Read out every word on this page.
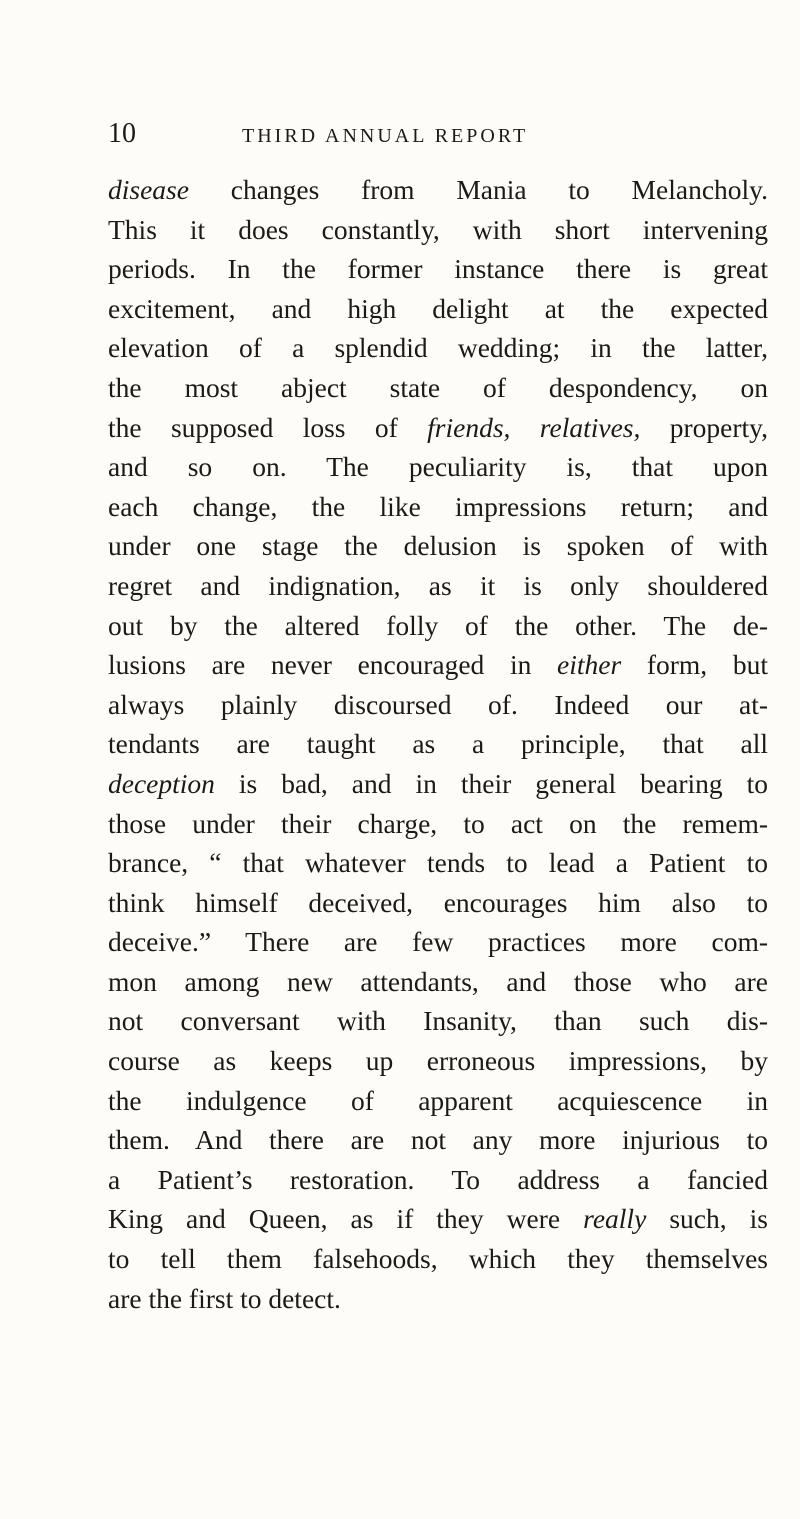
10	THIRD ANNUAL REPORT
disease changes from Mania to Melancholy.
This it does constantly, with short intervening
periods. In the former instance there is great
excitement, and high delight at the expected
elevation of a splendid wedding; in the latter,
the most abject state of despondency, on
the supposed loss of friends, relatives, property,
and so on. The peculiarity is, that upon
each change, the like impressions return; and
under one stage the delusion is spoken of with
regret and indignation, as it is only shouldered
out by the altered folly of the other. The de-
lusions are never encouraged in either form, but
always plainly discoursed of. Indeed our at-
tendants are taught as a principle, that all
deception is bad, and in their general bearing to
those under their charge, to act on the remem-
brance, “ that whatever tends to lead a Patient to
think himself deceived, encourages him also to
deceive.” There are few practices more com-
mon among new attendants, and those who are
not conversant with Insanity, than such dis-
course as keeps up erroneous impressions, by
the indulgence of apparent acquiescence in
them. And there are not any more injurious to
a Patient’s restoration. To address a fancied
King and Queen, as if they were really such, is
to tell them falsehoods, which they themselves
are the first to detect.
